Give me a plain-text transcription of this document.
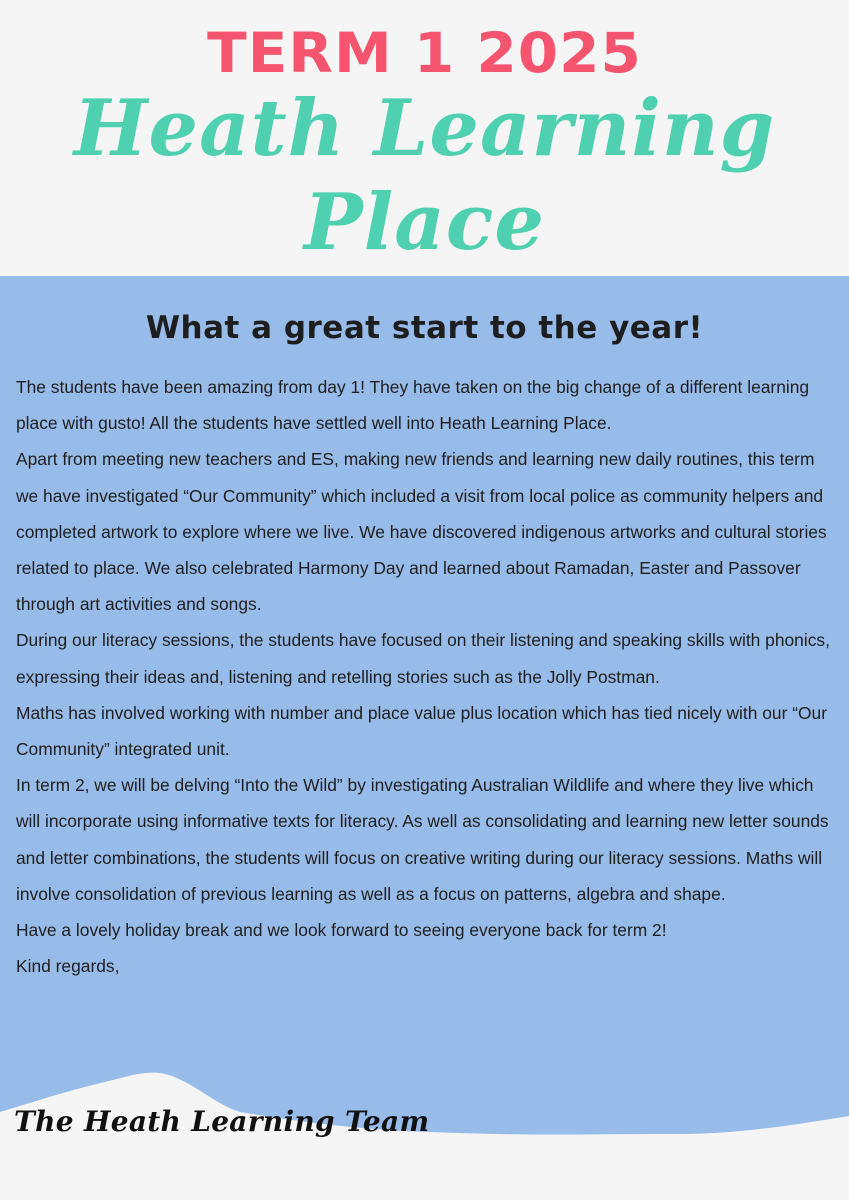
TERM 1 2025
Heath Learning
Place
What a great start to the year!

The students have been amazing from day 1! They have taken on the big change of a different learning place with gusto! All the students have settled well into Heath Learning Place.

Apart from meeting new teachers and ES, making new friends and learning new daily routines, this term we have investigated “Our Community” which included a visit from local police as community helpers and completed artwork to explore where we live. We have discovered indigenous artworks and cultural stories related to place. We also celebrated Harmony Day and learned about Ramadan, Easter and Passover through art activities and songs.

During our literacy sessions, the students have focused on their listening and speaking skills with phonics, expressing their ideas and, listening and retelling stories such as the Jolly Postman.

Maths has involved working with number and place value plus location which has tied nicely with our “Our Community” integrated unit.

In term 2, we will be delving “Into the Wild” by investigating Australian Wildlife and where they live which will incorporate using informative texts for literacy. As well as consolidating and learning new letter sounds and letter combinations, the students will focus on creative writing during our literacy sessions. Maths will involve consolidation of previous learning as well as a focus on patterns, algebra and shape.

Have a lovely holiday break and we look forward to seeing everyone back for term 2!

Kind regards,

The Heath Learning Team
